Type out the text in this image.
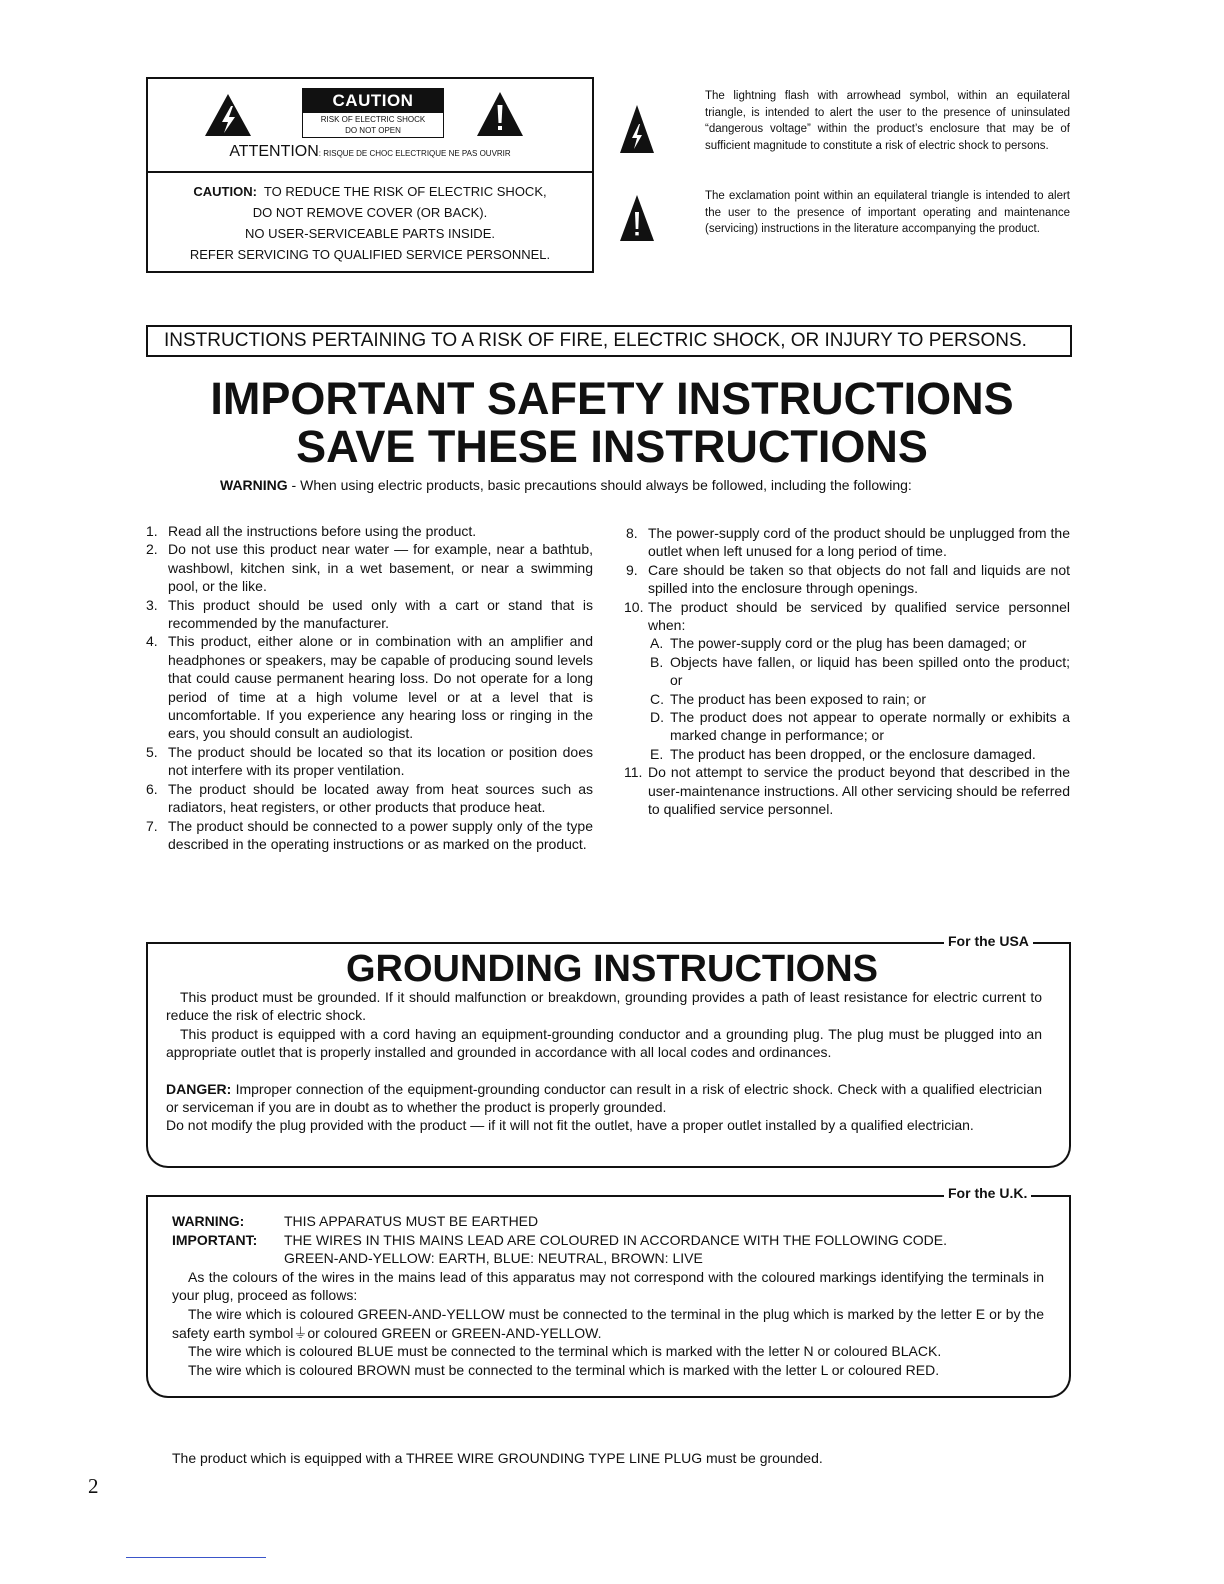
CAUTION
RISK OF ELECTRIC SHOCK
DO NOT OPEN
ATTENTION: RISQUE DE CHOC ELECTRIQUE NE PAS OUVRIR
CAUTION: TO REDUCE THE RISK OF ELECTRIC SHOCK,
DO NOT REMOVE COVER (OR BACK).
NO USER-SERVICEABLE PARTS INSIDE.
REFER SERVICING TO QUALIFIED SERVICE PERSONNEL.
The lightning flash with arrowhead symbol, within an equilateral triangle, is intended to alert the user to the presence of uninsulated “dangerous voltage” within the product’s enclosure that may be of sufficient magnitude to constitute a risk of electric shock to persons.
The exclamation point within an equilateral triangle is intended to alert the user to the presence of important operating and maintenance (servicing) instructions in the literature accompanying the product.
INSTRUCTIONS PERTAINING TO A RISK OF FIRE, ELECTRIC SHOCK, OR INJURY TO PERSONS.
IMPORTANT SAFETY INSTRUCTIONS
SAVE THESE INSTRUCTIONS
WARNING - When using electric products, basic precautions should always be followed, including the following:
1. Read all the instructions before using the product.
2. Do not use this product near water — for example, near a bathtub, washbowl, kitchen sink, in a wet basement, or near a swimming pool, or the like.
3. This product should be used only with a cart or stand that is recommended by the manufacturer.
4. This product, either alone or in combination with an amplifier and headphones or speakers, may be capable of producing sound levels that could cause permanent hearing loss. Do not operate for a long period of time at a high volume level or at a level that is uncomfortable. If you experience any hearing loss or ringing in the ears, you should consult an audiologist.
5. The product should be located so that its location or position does not interfere with its proper ventilation.
6. The product should be located away from heat sources such as radiators, heat registers, or other products that produce heat.
7. The product should be connected to a power supply only of the type described in the operating instructions or as marked on the product.
8. The power-supply cord of the product should be unplugged from the outlet when left unused for a long period of time.
9. Care should be taken so that objects do not fall and liquids are not spilled into the enclosure through openings.
10. The product should be serviced by qualified service personnel when:
A. The power-supply cord or the plug has been damaged; or
B. Objects have fallen, or liquid has been spilled onto the product; or
C. The product has been exposed to rain; or
D. The product does not appear to operate normally or exhibits a marked change in performance; or
E. The product has been dropped, or the enclosure damaged.
11. Do not attempt to service the product beyond that described in the user-maintenance instructions. All other servicing should be referred to qualified service personnel.
For the USA
GROUNDING INSTRUCTIONS

This product must be grounded. If it should malfunction or breakdown, grounding provides a path of least resistance for electric current to reduce the risk of electric shock.

This product is equipped with a cord having an equipment-grounding conductor and a grounding plug. The plug must be plugged into an appropriate outlet that is properly installed and grounded in accordance with all local codes and ordinances.

DANGER: Improper connection of the equipment-grounding conductor can result in a risk of electric shock. Check with a qualified electrician or serviceman if you are in doubt as to whether the product is properly grounded.

Do not modify the plug provided with the product — if it will not fit the outlet, have a proper outlet installed by a qualified electrician.

For the U.K.

WARNING:	THIS APPARATUS MUST BE EARTHED

IMPORTANT: THE WIRES IN THIS MAINS LEAD ARE COLOURED IN ACCORDANCE WITH THE FOLLOWING CODE.

GREEN-AND-YELLOW: EARTH, BLUE: NEUTRAL, BROWN: LIVE

As the colours of the wires in the mains lead of this apparatus may not correspond with the coloured markings identifying the terminals in your plug, proceed as follows:

The wire which is coloured GREEN-AND-YELLOW must be connected to the terminal in the plug which is marked by the letter E or by the safety earth symbol⏚or coloured GREEN or GREEN-AND-YELLOW.

The wire which is coloured BLUE must be connected to the terminal which is marked with the letter N or coloured BLACK.

The wire which is coloured BROWN must be connected to the terminal which is marked with the letter L or coloured RED.

The product which is equipped with a THREE WIRE GROUNDING TYPE LINE PLUG must be grounded.
2
